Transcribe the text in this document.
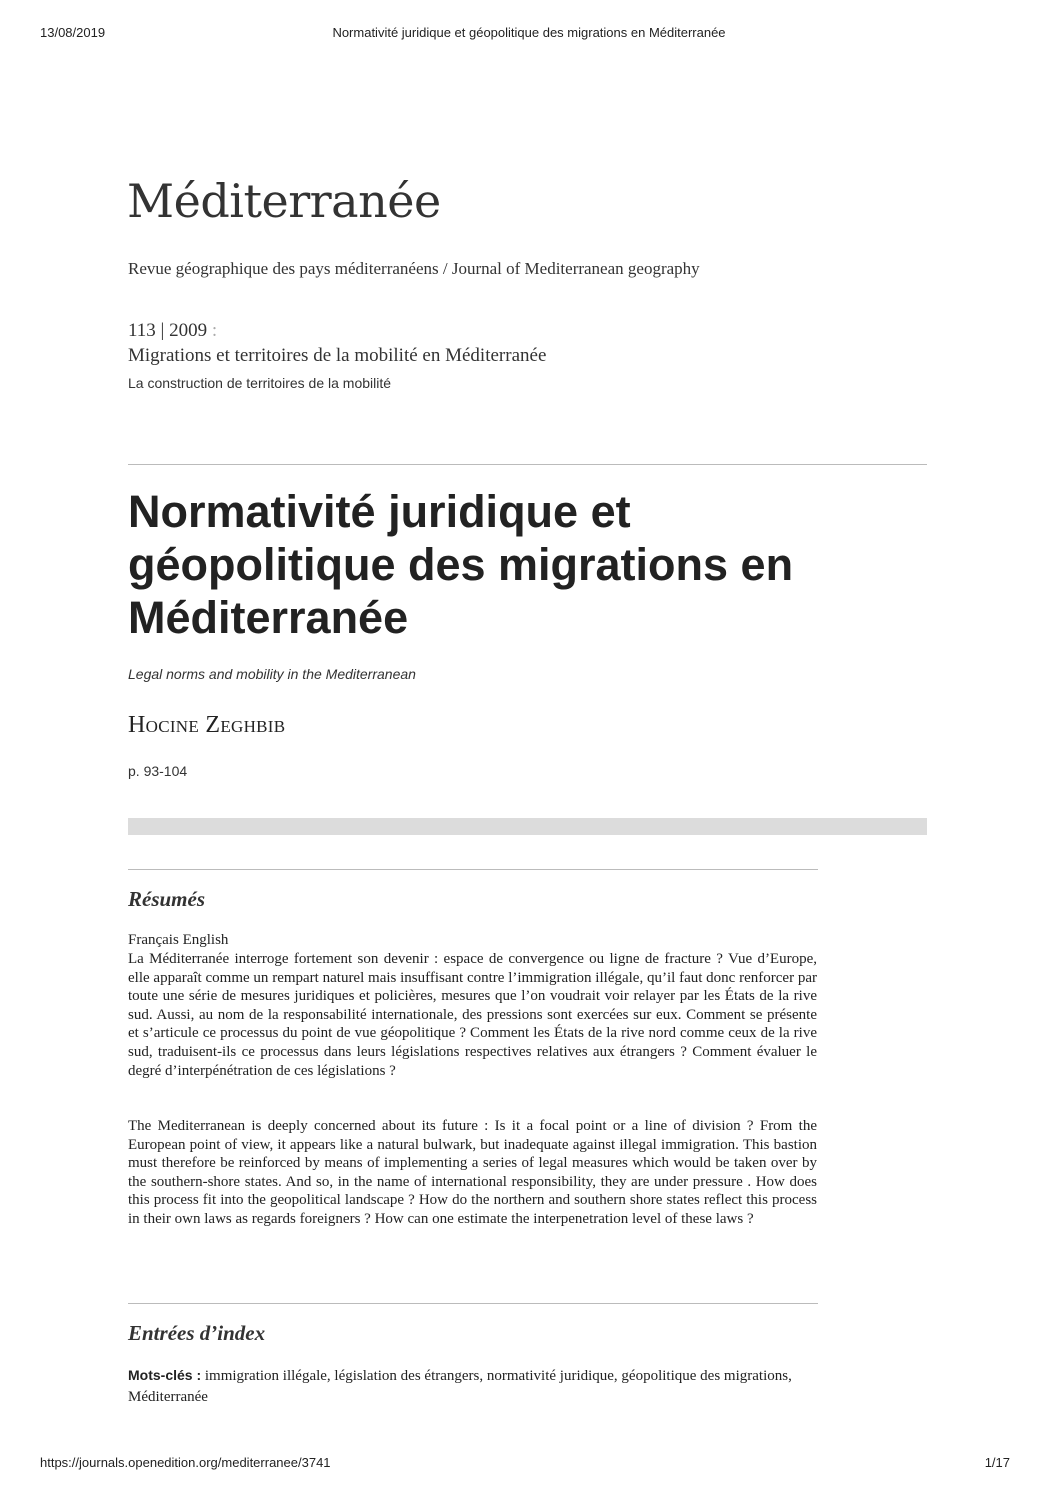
13/08/2019	Normativité juridique et géopolitique des migrations en Méditerranée
Méditerranée
Revue géographique des pays méditerranéens / Journal of Mediterranean geography
113 | 2009 :
Migrations et territoires de la mobilité en Méditerranée
La construction de territoires de la mobilité
Normativité juridique et géopolitique des migrations en Méditerranée
Legal norms and mobility in the Mediterranean
Hocine Zeghbib
p. 93-104
Résumés
Français English

La Méditerranée interroge fortement son devenir : espace de convergence ou ligne de fracture ? Vue d’Europe, elle apparaît comme un rempart naturel mais insuffisant contre l’immigration illégale, qu’il faut donc renforcer par toute une série de mesures juridiques et policières, mesures que l’on voudrait voir relayer par les États de la rive sud. Aussi, au nom de la responsabilité internationale, des pressions sont exercées sur eux. Comment se présente et s’articule ce processus du point de vue géopolitique ? Comment les États de la rive nord comme ceux de la rive sud, traduisent-ils ce processus dans leurs législations respectives relatives aux étrangers ? Comment évaluer le degré d’interpénétration de ces législations ?

The Mediterranean is deeply concerned about its future : Is it a focal point or a line of division ? From the European point of view, it appears like a natural bulwark, but inadequate against illegal immigration. This bastion must therefore be reinforced by means of implementing a series of legal measures which would be taken over by the southern-shore states. And so, in the name of international responsibility, they are under pressure . How does this process fit into the geopolitical landscape ? How do the northern and southern shore states reflect this process in their own laws as regards foreigners ? How can one estimate the interpenetration level of these laws ?

Entrées d’index
Mots-clés : immigration illégale, législation des étrangers, normativité juridique, géopolitique des migrations, Méditerranée
https://journals.openedition.org/mediterranee/3741	1/17
